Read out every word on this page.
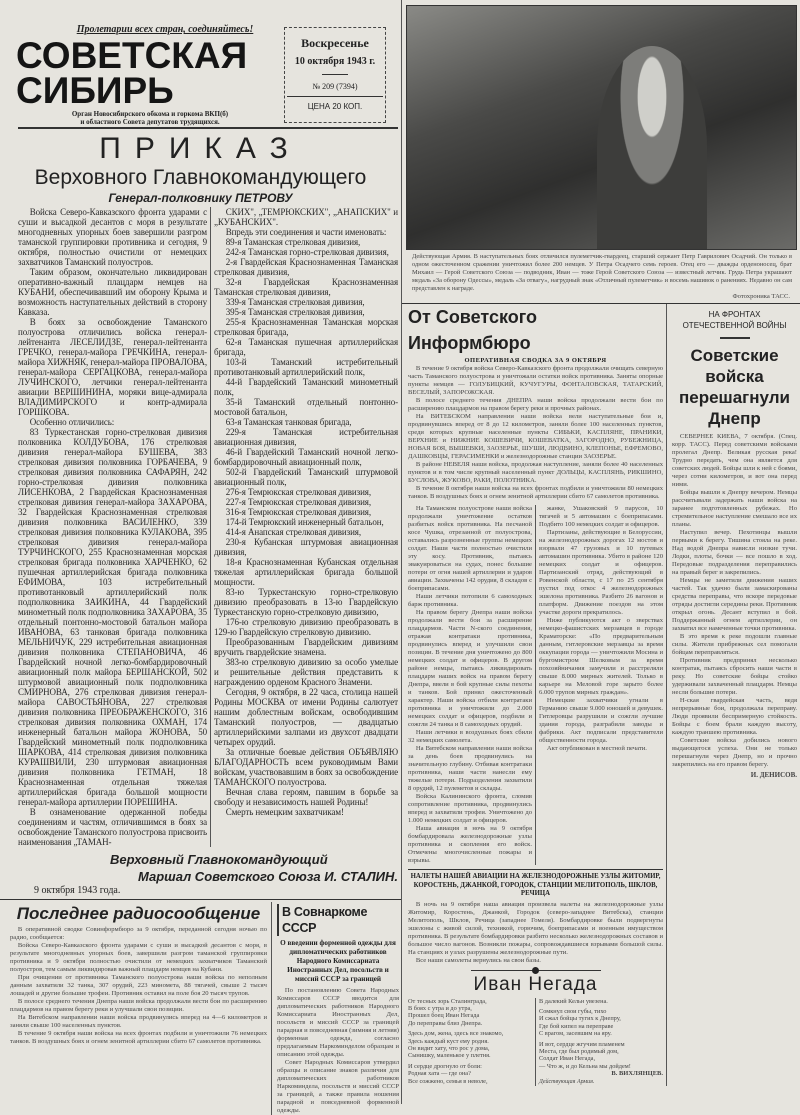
Пролетарии всех стран, соединяйтесь!
СОВЕТСКАЯ
СИБИРЬ
Орган Новосибирского обкома и горкома ВКП(б)
и областного Совета депутатов трудящихся.
Воскресенье
10 октября 1943 г.
№ 209 (7394)
ЦЕНА 20 КОП.
ПРИКАЗ
Верховного Главнокомандующего
Генерал-полковнику ПЕТРОВУ

Войска Северо-Кавказского фронта ударами с суши и высадкой десантов с моря в результате многодневных упорных боев завершили разгром таманской группировки противника и сегодня, 9 октября, полностью очистили от немецких захватчиков Таманский полуостров.

Таким образом, окончательно ликвидирован оперативно-важный плацдарм немцев на КУБАНИ, обеспечивавший им оборону Крыма и возможность наступательных действий в сторону Кавказа.

В боях за освобождение Таманского полуострова отличились войска генерал-лейтенанта ЛЕСЕЛИДЗЕ, генерал-лейтенанта ГРЕЧКО, генерал-майора ГРЕЧКИНА, генерал-майора ХИЖНЯК, генерал-майора ПРОВАЛОВА, генерал-майора СЕРГАЦКОВА, генерал-майора ЛУЧИНСКОГО, летчики генерал-лейтенанта авиации ВЕРШИНИНА, моряки вице-адмирала ВЛАДИМИРСКОГО и контр-адмирала ГОРШКОВА.

Особенно отличились:

83 Туркестанская горно-стрелковая дивизия полковника КОЛДУБОВА, 176 стрелковая дивизия генерал-майора БУШЕВА, 383 стрелковая дивизия полковника ГОРБАЧЕВА, 9 стрелковая дивизия полковника САФАРЯН, 242 горно-стрелковая дивизия полковника ЛИСЕНКОВА, 2 Гвардейская Краснознаменная стрелковая дивизия генерал-майора ЗАХАРОВА, 32 Гвардейская Краснознаменная стрелковая дивизия полковника ВАСИЛЕНКО, 339 стрелковая дивизия полковника КУЛАКОВА, 395 стрелковая дивизия генерал-майора ТУРЧИНСКОГО, 255 Краснознаменная морская стрелковая бригада полковника ХАРЧЕНКО, 62 пушечная артиллерийская бригада полковника ЕФИМОВА, 103 истребительный противотанковый артиллерийский полк подполковника ЗАИКИНА, 44 Гвардейский минометный полк подполковника ЗАХАРОВА, 35 отдельный понтонно-мостовой батальон майора ИВАНОВА, 63 танковая бригада полковника МЕЛЬНИЧУК, 229 истребительная авиационная дивизия полковника СТЕПАНОВИЧА, 46 Гвардейский ночной легко-бомбардировочный авиационный полк майора БЕРШАНСКОЙ, 502 штурмовой авиационный полк подполковника СМИРНОВА, 276 стрелковая дивизия генерал-майора САВОСТЬЯНОВА, 227 стрелковая дивизия полковника ПРЕОБРАЖЕНСКОГО, 316 стрелковая дивизия полковника ОХМАН, 174 инженерный батальон майора ЖОНОВА, 50 Гвардейский минометный полк подполковника ШАРКОВА, 414 стрелковая дивизия полковника КУРАШВИЛИ, 230 штурмовая авиационная дивизия полковника ГЕТМАН, 18 Краснознаменная отдельная тяжелая артиллерийская бригада большой мощности генерал-майора артиллерии ПОРЕШИНА.

В ознаменование одержанной победы соединениям и частям, отличившимся в боях за освобождение Таманского полуострова присвоить наименования „ТАМАН-

СКИХ", „ТЕМРЮКСКИХ", „АНАПСКИХ" и „КУБАНСКИХ".

Впредь эти соединения и части именовать:

89-я Таманская стрелковая дивизия,

242-я Таманская горно-стрелковая дивизия,

2-я Гвардейская Краснознаменная Таманская стрелковая дивизия,

32-я Гвардейская Краснознаменная Таманская стрелковая дивизия,

339-я Таманская стрелковая дивизия,

395-я Таманская стрелковая дивизия,

255-я Краснознаменная Таманская морская стрелковая бригада,

62-я Таманская пушечная артиллерийская бригада,

103-й Таманский истребительный противотанковый артиллерийский полк,

44-й Гвардейский Таманский минометный полк,

35-й Таманский отдельный понтонно-мостовой батальон,

63-я Таманская танковая бригада,

229-я Таманская истребительная авиационная дивизия,

46-й Гвардейский Таманский ночной легко-бомбардировочный авиационный полк,

502-й Гвардейский Таманский штурмовой авиационный полк,

276-я Темрюкская стрелковая дивизия,

227-я Темрюкская стрелковая дивизия,

316-я Темрюкская стрелковая дивизия,

174-й Темрюкский инженерный батальон,

414-я Анапская стрелковая дивизия,

230-я Кубанская штурмовая авиационная дивизия,

18-я Краснознаменная Кубанская отдельная тяжелая артиллерийская бригада большой мощности.

83-ю Туркестанскую горно-стрелковую дивизию преобразовать в 13-ю Гвардейскую Туркестанскую горно-стрелковую дивизию,

176-ю стрелковую дивизию преобразовать в 129-ю Гвардейскую стрелковую дивизию.

Преобразованным Гвардейским дивизиям вручить гвардейские знамена.

383-ю стрелковую дивизию за особо умелые и решительные действия представить к награждению орденом Красного Знамени.

Сегодня, 9 октября, в 22 часа, столица нашей Родины МОСКВА от имени Родины салютует нашим доблестным войскам, освободившим Таманский полуостров, — двадцатью артиллерийскими залпами из двухсот двадцати четырех орудий.

За отличные боевые действия ОБЪЯВЛЯЮ БЛАГОДАРНОСТЬ всем руководимым Вами войскам, участвовавшим в боях за освобождение ТАМАНСКОГО полуострова.

Вечная слава героям, павшим в борьбе за свободу и независимость нашей Родины!

Смерть немецким захватчикам!

Верховный Главнокомандующий
Маршал Советского Союза И. СТАЛИН.
9 октября 1943 года.
Последнее радиосообщение

В оперативной сводке Совинформбюро за 9 октября, переданной сегодня ночью по радио, сообщается:

Войска Северо-Кавказского фронта ударами с суши и высадкой десантов с моря, в результате многодневных упорных боев, завершили разгром таманской группировки противника и 9 октября полностью очистили от немецких захватчиков Таманский полуостров, тем самым ликвидировав важный плацдарм немцев на Кубани.

При очищении от противника Таманского полуострова наши войска по неполным данным захватили 32 танка, 307 орудий, 223 миномета, 88 тягачей, свыше 2 тысяч лошадей и другие большие трофеи. Противник оставил на поле боя 20 тысяч трупов.

В полосе среднего течения Днепра наши войска продолжали вести бои по расширению плацдармов на правом берегу реки и улучшали свои позиции.

На Витебском направлении наши войска продвинулись вперед на 4—6 километров и заняли свыше 100 населенных пунктов.

В течение 9 октября наши войска на всех фронтах подбили и уничтожили 76 немецких танков. В воздушных боях и огнем зенитной артиллерии сбито 67 самолетов противника.

В Совнаркоме СССР
О введении форменной одежды для дипломатических работников Народного Комиссариата Иностранных Дел, посольств и миссий СССР за границей

По постановлению Совета Народных Комиссаров СССР вводится для дипломатических работников Народного Комиссариата Иностранных Дел, посольств и миссий СССР за границей парадная и повседневная (зимняя и летняя) форменная одежда, согласно предлагаемым Наркоминделом образцам и описанию этой одежды.

Совет Народных Комиссаров утвердил образцы и описание знаков различия для дипломатических работников Наркоминдела, посольств и миссий СССР за границей, а также правила ношения парадной и повседневной форменной одежды.

Действующая Армия. В наступательных боях отличился пулеметчик-гвардеец, старший сержант Петр Гаврилович Осадчий. Он только в одном ожесточенном сражении уничтожил более 200 немцев. У Петра Осадчего семь героев. Отец его — дважды орденоносец, брат Михаил — Герой Советского Союза — подводник, Иван — тоже Герой Советского Союза — известный летчик. Грудь Петра украшают медаль «За оборону Одессы», медаль «За отвагу», нагрудный знак «Отличный пулеметчик» и восемь нашивок о ранениях. Недавно он сам представлен к награде.
Фотохроника ТАСС.
От Советского Информбюро
ОПЕРАТИВНАЯ СВОДКА ЗА 9 ОКТЯБРЯ

В течение 9 октября войска Северо-Кавказского фронта продолжали очищать северную часть Таманского полуострова и уничтожали остатки войск противника. Заняты опорные пункты немцев — ГОЛУБИЦКИЙ, КУЧУГУРЫ, ФОНТАЛОВСКАЯ, ТАТАРСКИЙ, ВЕСЕЛЫЙ, ЗАПОРОЖСКАЯ.

В полосе среднего течения ДНЕПРА наши войска продолжали вести бои по расширению плацдармов на правом берегу реки и прочных районах.

На ВИТЕБСКОМ направлении наши войска вели наступательные бои и, продвинувшись вперед от 8 до 12 километров, заняли более 100 населенных пунктов, среди которых крупные населенные пункты СИБЬКИ, КАСПЛЯНЕ, ПРАНИКИ, ВЕРХНИЕ и НИЖНИЕ КОШЕВИЧИ, КОШЕВАТКА, ЗАГОРОДНО, РУБЕЖНИЦА, НОВАЯ БОЯ, ВЫШЕВКИ, ЗАОЗЕРЬЕ, ШУШИ, ЛЮДВИНО, КЛЕПОНЬЕ, ЕФРЕМОВО, ДАШКОВЦЫ, ГЕРАСИМЕНКИ и железнодорожные станции ЗАОЗЕРЬЕ.

В районе НЕВЕЛЯ наши войска, продолжая наступление, заняли более 40 населенных пунктов и в том числе крупный населенный пункт ДОЛЬЦЫ, КАСПЛЯНЬ, РИКШИНО, БУСЛОВА, ЖУКОВО, РАКИ, ПОЛОТНИКА.

В течение 8 октября наши войска на всех фронтах подбили и уничтожили 80 немецких танков. В воздушных боях и огнем зенитной артиллерии сбито 67 самолетов противника.

На Таманском полуострове наши войска продолжали уничтожение остатков разбитых войск противника. На песчаной косе Чушка, отрезанной от полуострова, оставались разрозненные группы немецких солдат. Наши части полностью очистили эту косу. Противник, пытаясь эвакуироваться на судах, понес большие потери от огня нашей артиллерии и ударов авиации. Захвачены 142 орудия, 8 складов с боеприпасами.

Наши летчики потопили 6 самоходных барж противника.

На правом берегу Днепра наши войска продолжали вести бои за расширение плацдармов. Части N-ского соединения, отражая контратаки противника, продвинулись вперед и улучшили свои позиции. В течение дня уничтожено до 800 немецких солдат и офицеров. В другом районе немцы, пытаясь ликвидировать плацдарм наших войск на правом берегу Днепра, ввели в бой крупные силы пехоты и танков. Бой принял ожесточенный характер. Наши войска отбили контратаки противника и уничтожили до 2.000 немецких солдат и офицеров, подбили и сожгли 24 танка и 8 самоходных орудий.

Наши летчики в воздушных боях сбили 32 немецких самолета.

На Витебском направлении наши войска за день боев продвинулись на значительную глубину. Отбивая контратаки противника, наши части нанесли ему тяжелые потери. Подразделения захватили 8 орудий, 12 пулеметов и склады.

Войска Калининского фронта, сломив сопротивление противника, продвинулись вперед и захватили трофеи. Уничтожено до 1.000 немецких солдат и офицеров.

Наша авиация в ночь на 9 октября бомбардировала железнодорожные узлы противника и скопления его войск. Отмечены многочисленные пожары и взрывы.

жанке, Ушаковский 9 парусов, 10 тягачей и 5 автомашин с боеприпасами. Подбито 100 немецких солдат и офицеров.

Партизаны, действующие в Белоруссии, на железнодорожных дорогах 12 мостов и взорвали 47 грузовых и 10 путевых автомашин противника. Убито в районе 120 немецких солдат и офицеров. Партизанский отряд, действующий в Ровенской области, с 17 по 25 сентября пустил под откос 4 железнодорожных эшелона противника. Разбито 26 вагонов и платформ. Движение поездов на этом участке дороги прекратилось.

Ниже публикуются акт о зверствах немецко-фашистских мерзавцев в городе Краматорске: «По предварительным данным, гитлеровские мерзавцы за время оккупации города — уничтожили Мосина и бургомистром Шелковым за время похозяйничания замучили и расстреляли свыше 8.000 мирных жителей. Только в карьере на Меловой горе зарыто более 6.000 трупов мирных граждан».

Немецкие захватчики угнали в Германию свыше 9.000 юношей и девушек. Гитлеровцы разрушили и сожгли лучшие здания города, разграбили заводы и фабрики. Акт подписали представители общественности города.

Акт опубликован в местной печати.

НАЛЕТЫ НАШЕЙ АВИАЦИИ НА ЖЕЛЕЗНОДОРОЖНЫЕ УЗЛЫ ЖИТОМИР, КОРОСТЕНЬ, ДЖАНКОЙ, ГОРОДОК, СТАНЦИИ МЕЛИТОПОЛЬ, ШКЛОВ, РЕЧИЦА

В ночь на 9 октября наша авиация произвела налеты на железнодорожные узлы Житомир, Коростень, Джанкой, Городок (северо-западнее Витебска), станции Мелитополь, Шклов, Речица (западнее Гомеля). Бомбардировке были подвергнуты эшелоны с живой силой, техникой, горючим, боеприпасами и военным имуществом противника. В результате бомбардировки разбито несколько железнодорожных составов и большое число вагонов. Возникли пожары, сопровождавшиеся взрывами большой силы. На станциях и узлах разрушены железнодорожные пути.

Все наши самолеты вернулись на свои базы.

Иван Негада
От тесных зорь Сталинграда,
В боях с утра и до утра,
Прошел боец Иван Негада
До переправы близ Днепра.
Здесь дом, жена, здесь все знакомо,
Здесь каждый куст ему родня.
Он видит хату, что рос у дома,
Сынишку, маленькое у плетня.
И сердце дрогнуло от боли:
Родная хата — где она?
Все сожжено, семья в неволе,
В далекий Кельн увезена.
Сомкнул свои губы, тихо
И сжал бойцы тугих к Днепру,
Где бой кипел на переправе
С врагом, засевшим на яру.
И вот, сердце жгучим пламенем
Места, где был родимый дом,
Солдат Иван Негада,
— Что ж, и до Кельна мы дойдем!
В. ВИХЛЯНЦЕВ.
Действующая Армия.
НА ФРОНТАХ
ОТЕЧЕСТВЕННОЙ ВОЙНЫ
Советские войска перешагнули Днепр

СЕВЕРНЕЕ КИЕВА, 7 октября. (Спец. корр. ТАСС). Перед советскими войсками пролегал Днепр. Великая русская река! Трудно передать, чем она является для советских людей. Бойцы шли к ней с боями, через сотни километров, и вот она перед ними.

Бойцы вышли к Днепру вечером. Немцы рассчитывали задержать наши войска на заранее подготовленных рубежах. Но стремительное наступление смешало все их планы.

Наступил вечер. Пехотинцы вышли первыми к берегу. Тишина стояла на реке. Над водой Днепра нависли низкие тучи. Лодки, плоты, бочки — все пошло в ход. Передовые подразделения переправились на правый берег и закрепились.

Немцы не заметили движения наших частей. Так удачно были замаскированы средства переправы, что вскоре передовые отряды достигли середины реки. Противник открыл огонь. Десант вступил в бой. Поддержанный огнем артиллерии, он захватил все намеченные точки противника.

В это время к реке подошли главные силы. Жители прибрежных сел помогали бойцам переправляться.

Противник предпринял несколько контратак, пытаясь сбросить наши части в реку. Но советские бойцы стойко удерживали захваченный плацдарм. Немцы несли большие потери.

Н-ская гвардейская часть, ведя непрерывные бои, продолжала переправу. Люди проявили беспримерную стойкость. Бойцы с боем брали каждую высоту, каждую траншею противника.

Советские войска добились нового выдающегося успеха. Они не только перешагнули через Днепр, но и прочно закрепились на его правом берегу.

И. ДЕНИСОВ.
